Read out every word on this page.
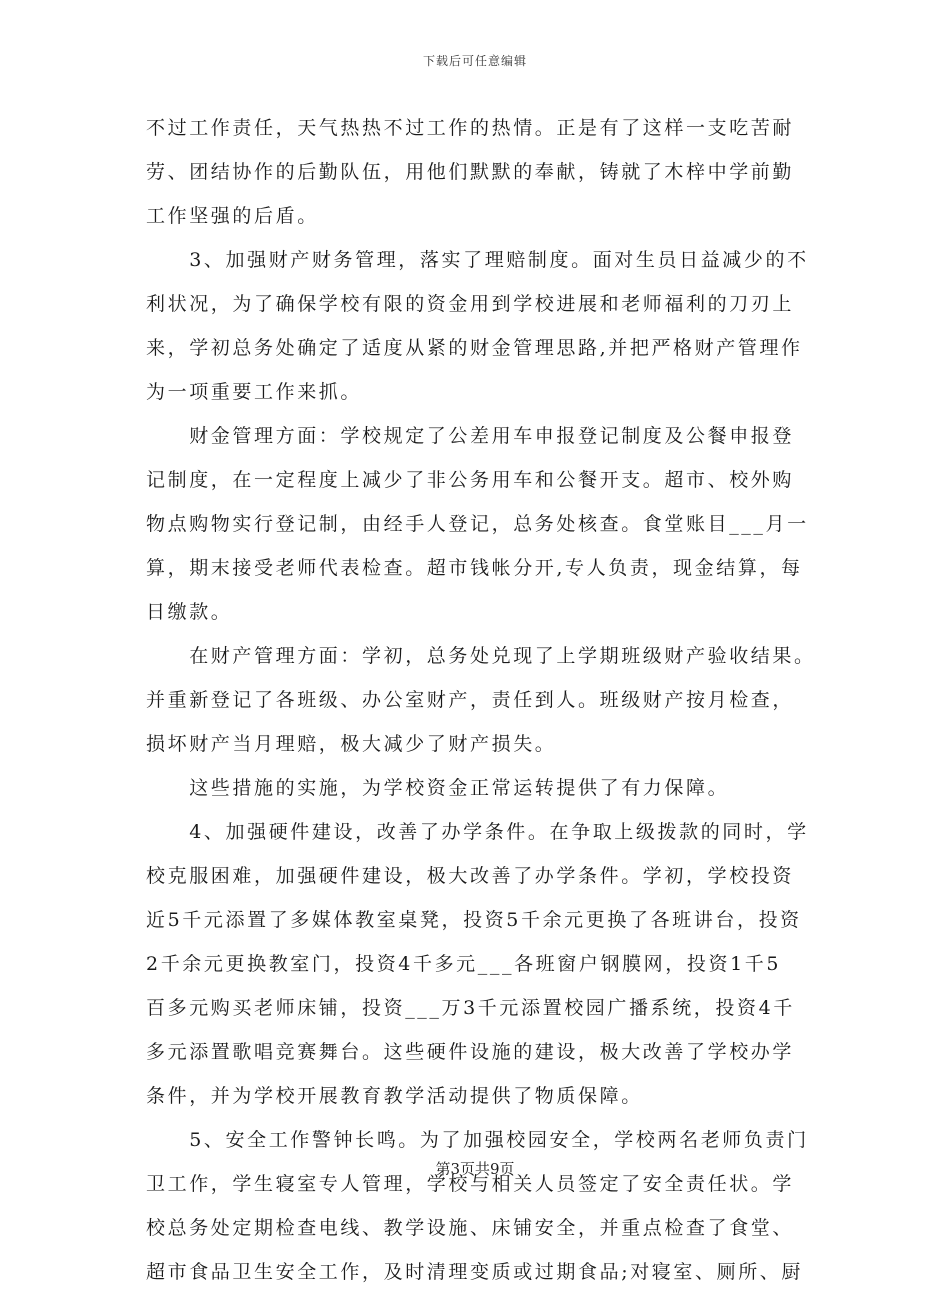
下载后可任意编辑
不过工作责任，天气热热不过工作的热情。正是有了这样一支吃苦耐
劳、团结协作的后勤队伍，用他们默默的奉献，铸就了木梓中学前勤
工作坚强的后盾。
　　3、加强财产财务管理，落实了理赔制度。面对生员日益减少的不
利状况，为了确保学校有限的资金用到学校进展和老师福利的刀刃上
来，学初总务处确定了适度从紧的财金管理思路,并把严格财产管理作
为一项重要工作来抓。
　　财金管理方面：学校规定了公差用车申报登记制度及公餐申报登
记制度，在一定程度上减少了非公务用车和公餐开支。超市、校外购
物点购物实行登记制，由经手人登记，总务处核查。食堂账目___月一
算，期末接受老师代表检查。超市钱帐分开,专人负责，现金结算，每
日缴款。
　　在财产管理方面：学初，总务处兑现了上学期班级财产验收结果。
并重新登记了各班级、办公室财产，责任到人。班级财产按月检查，
损坏财产当月理赔，极大减少了财产损失。
　　这些措施的实施，为学校资金正常运转提供了有力保障。
　　4、加强硬件建设，改善了办学条件。在争取上级拨款的同时，学
校克服困难，加强硬件建设，极大改善了办学条件。学初，学校投资
近5千元添置了多媒体教室桌凳，投资5千余元更换了各班讲台，投资
2千余元更换教室门，投资4千多元___各班窗户钢膜网，投资1千5
百多元购买老师床铺，投资___万3千元添置校园广播系统，投资4千
多元添置歌唱竞赛舞台。这些硬件设施的建设，极大改善了学校办学
条件，并为学校开展教育教学活动提供了物质保障。
　　5、安全工作警钟长鸣。为了加强校园安全，学校两名老师负责门
卫工作，学生寝室专人管理，学校与相关人员签定了安全责任状。学
校总务处定期检查电线、教学设施、床铺安全，并重点检查了食堂、
超市食品卫生安全工作，及时清理变质或过期食品;对寝室、厕所、厨
第3页共9页
